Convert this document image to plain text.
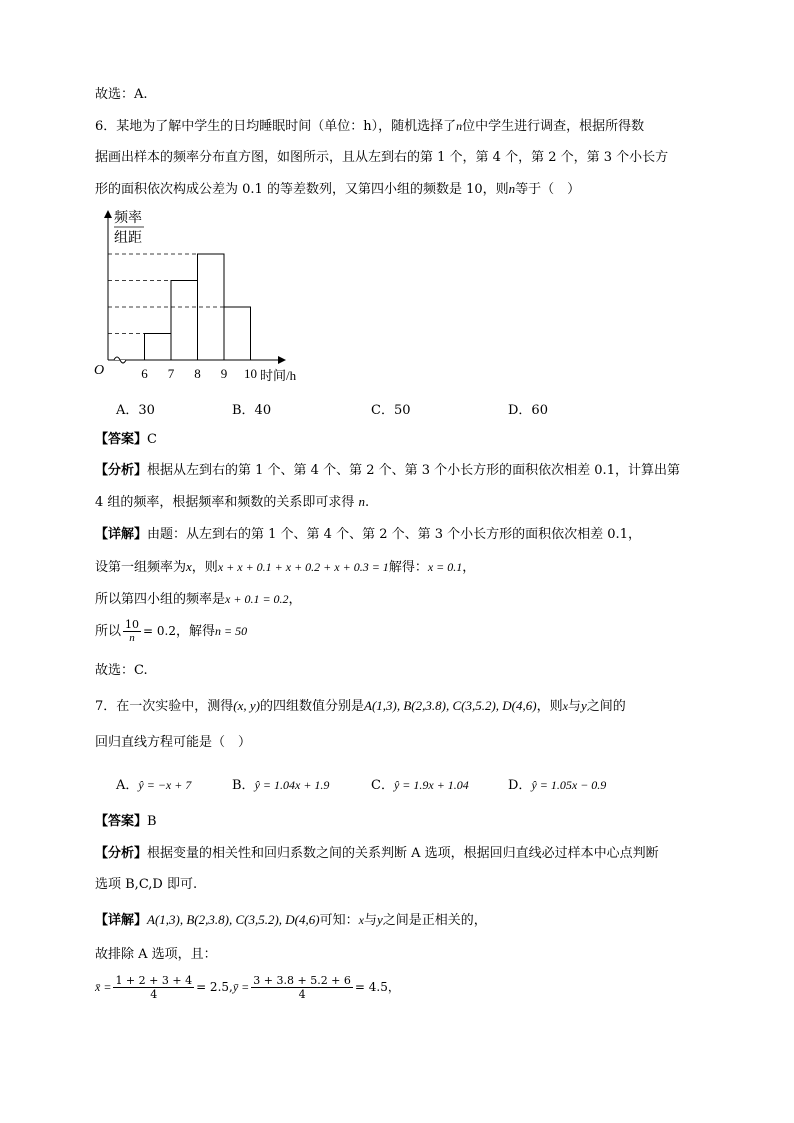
故选：A.
6．某地为了解中学生的日均睡眠时间（单位：h），随机选择了n位中学生进行调查，根据所得数
据画出样本的频率分布直方图，如图所示，且从左到右的第 1 个，第 4 个，第 2 个，第 3 个小长方
形的面积依次构成公差为 0.1 的等差数列，又第四小组的频数是 10，则n等于（　）
O
频率
组距
时间/h
6 7 8 9 10
A．30	B．40	C．50	D．60
【答案】C
【分析】根据从左到右的第 1 个、第 4 个、第 2 个、第 3 个小长方形的面积依次相差 0.1，计算出第
4 组的频率，根据频率和频数的关系即可求得 n.
【详解】由题：从左到右的第 1 个、第 4 个、第 2 个、第 3 个小长方形的面积依次相差 0.1，
设第一组频率为x，则x + x + 0.1 + x + 0.2 + x + 0.3 = 1解得：x = 0.1，
所以第四小组的频率是x + 0.1 = 0.2，
所以 $\frac{10}{n} = 0.2$，解得n = 50
故选：C.
7．在一次实验中，测得(x, y)的四组数值分别是A(1,3), B(2,3.8), C(3,5.2), D(4,6)，则x与y之间的
回归直线方程可能是（　）
A．ŷ = −x + 7	B．ŷ = 1.04x + 1.9	C．ŷ = 1.9x + 1.04	D．ŷ = 1.05x − 0.9
【答案】B
【分析】根据变量的相关性和回归系数之间的关系判断 A 选项，根据回归直线必过样本中心点判断
选项 B,C,D 即可.
【详解】A(1,3), B(2,3.8), C(3,5.2), D(4,6)可知：x与y之间是正相关的，
故排除 A 选项，且：
x̄ = $\frac{1 + 2 + 3 + 4}{4}$ = 2.5,ȳ = $\frac{3 + 3.8 + 5.2 + 6}{4} = 4.5$，
